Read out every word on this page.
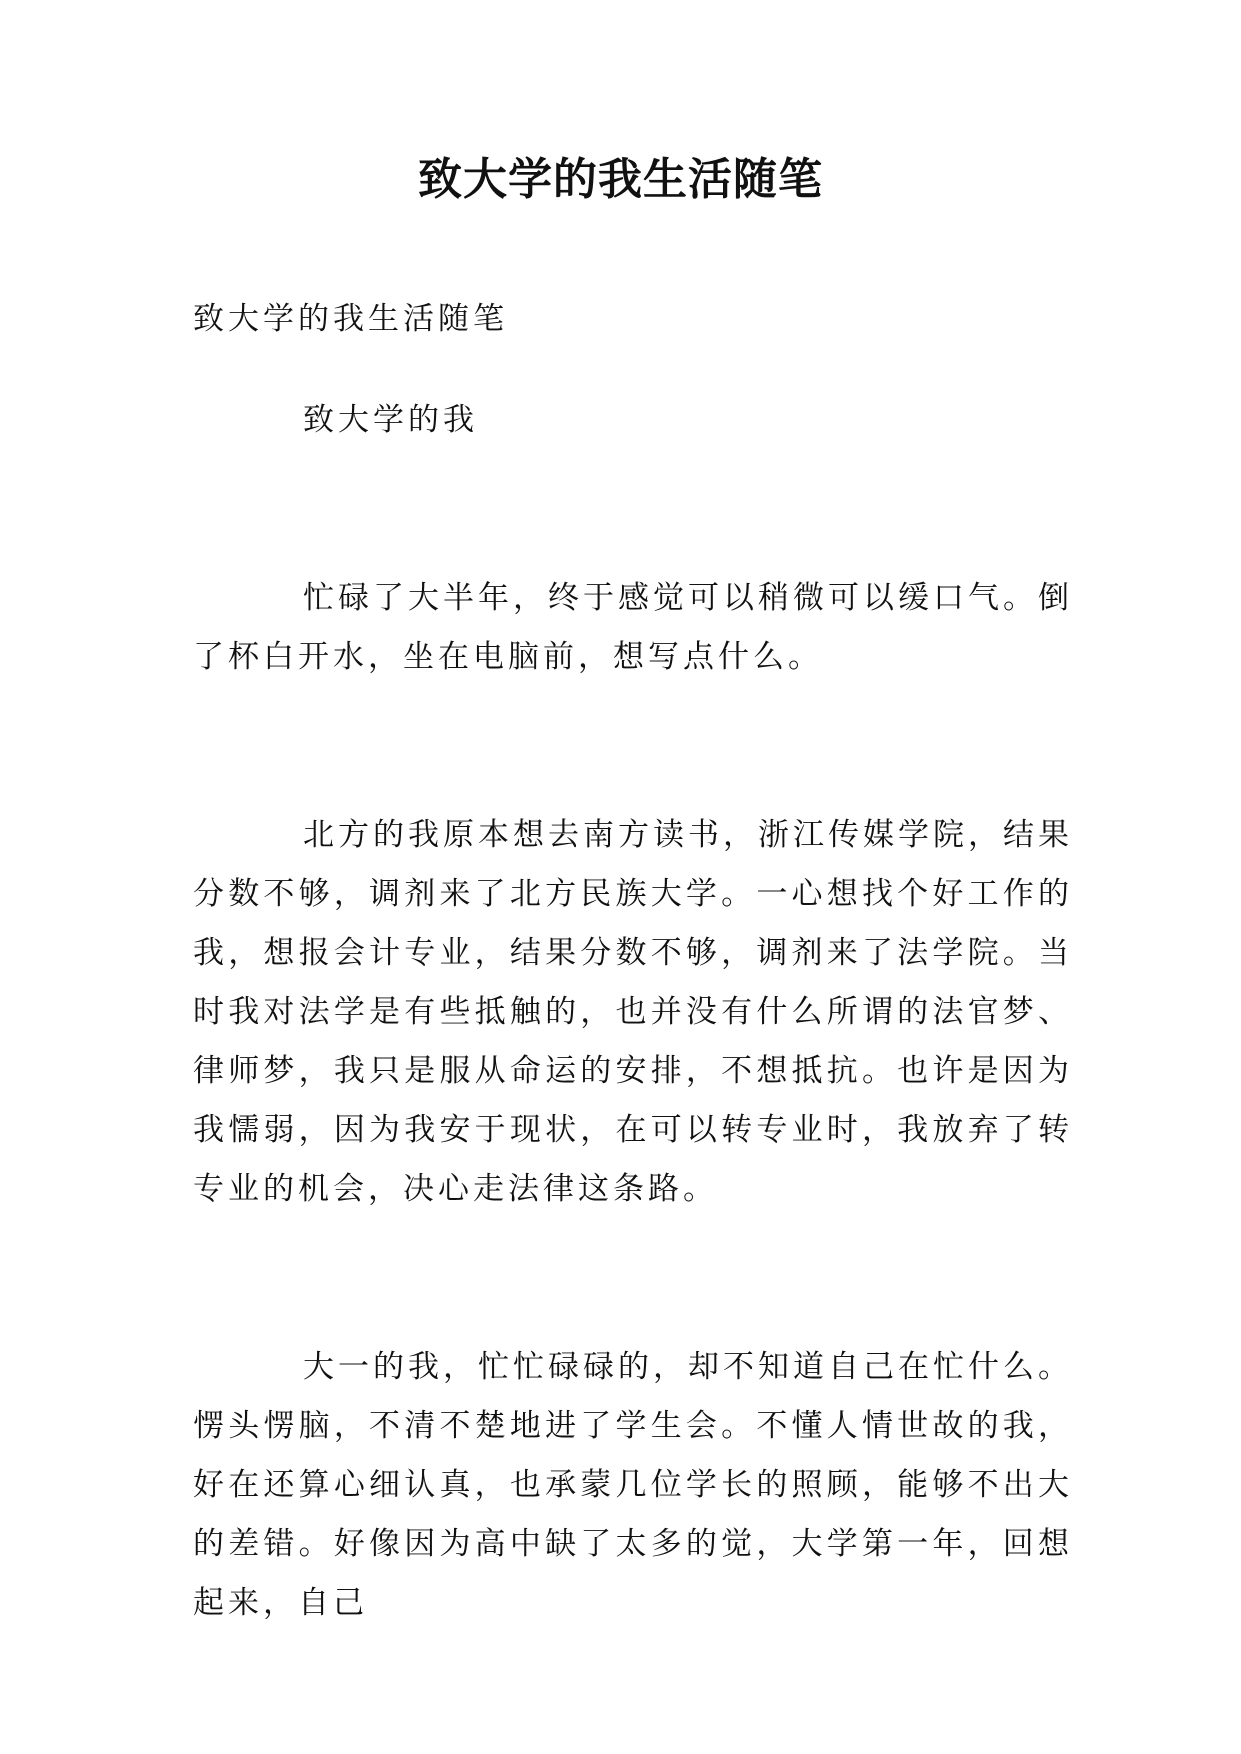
致大学的我生活随笔

致大学的我生活随笔

致大学的我

忙碌了大半年，终于感觉可以稍微可以缓口气。倒了杯白开水，坐在电脑前，想写点什么。

北方的我原本想去南方读书，浙江传媒学院，结果分数不够，调剂来了北方民族大学。一心想找个好工作的我，想报会计专业，结果分数不够，调剂来了法学院。当时我对法学是有些抵触的，也并没有什么所谓的法官梦、律师梦，我只是服从命运的安排，不想抵抗。也许是因为我懦弱，因为我安于现状，在可以转专业时，我放弃了转专业的机会，决心走法律这条路。

大一的我，忙忙碌碌的，却不知道自己在忙什么。愣头愣脑，不清不楚地进了学生会。不懂人情世故的我，好在还算心细认真，也承蒙几位学长的照顾，能够不出大的差错。好像因为高中缺了太多的觉，大学第一年，回想起来，自己
